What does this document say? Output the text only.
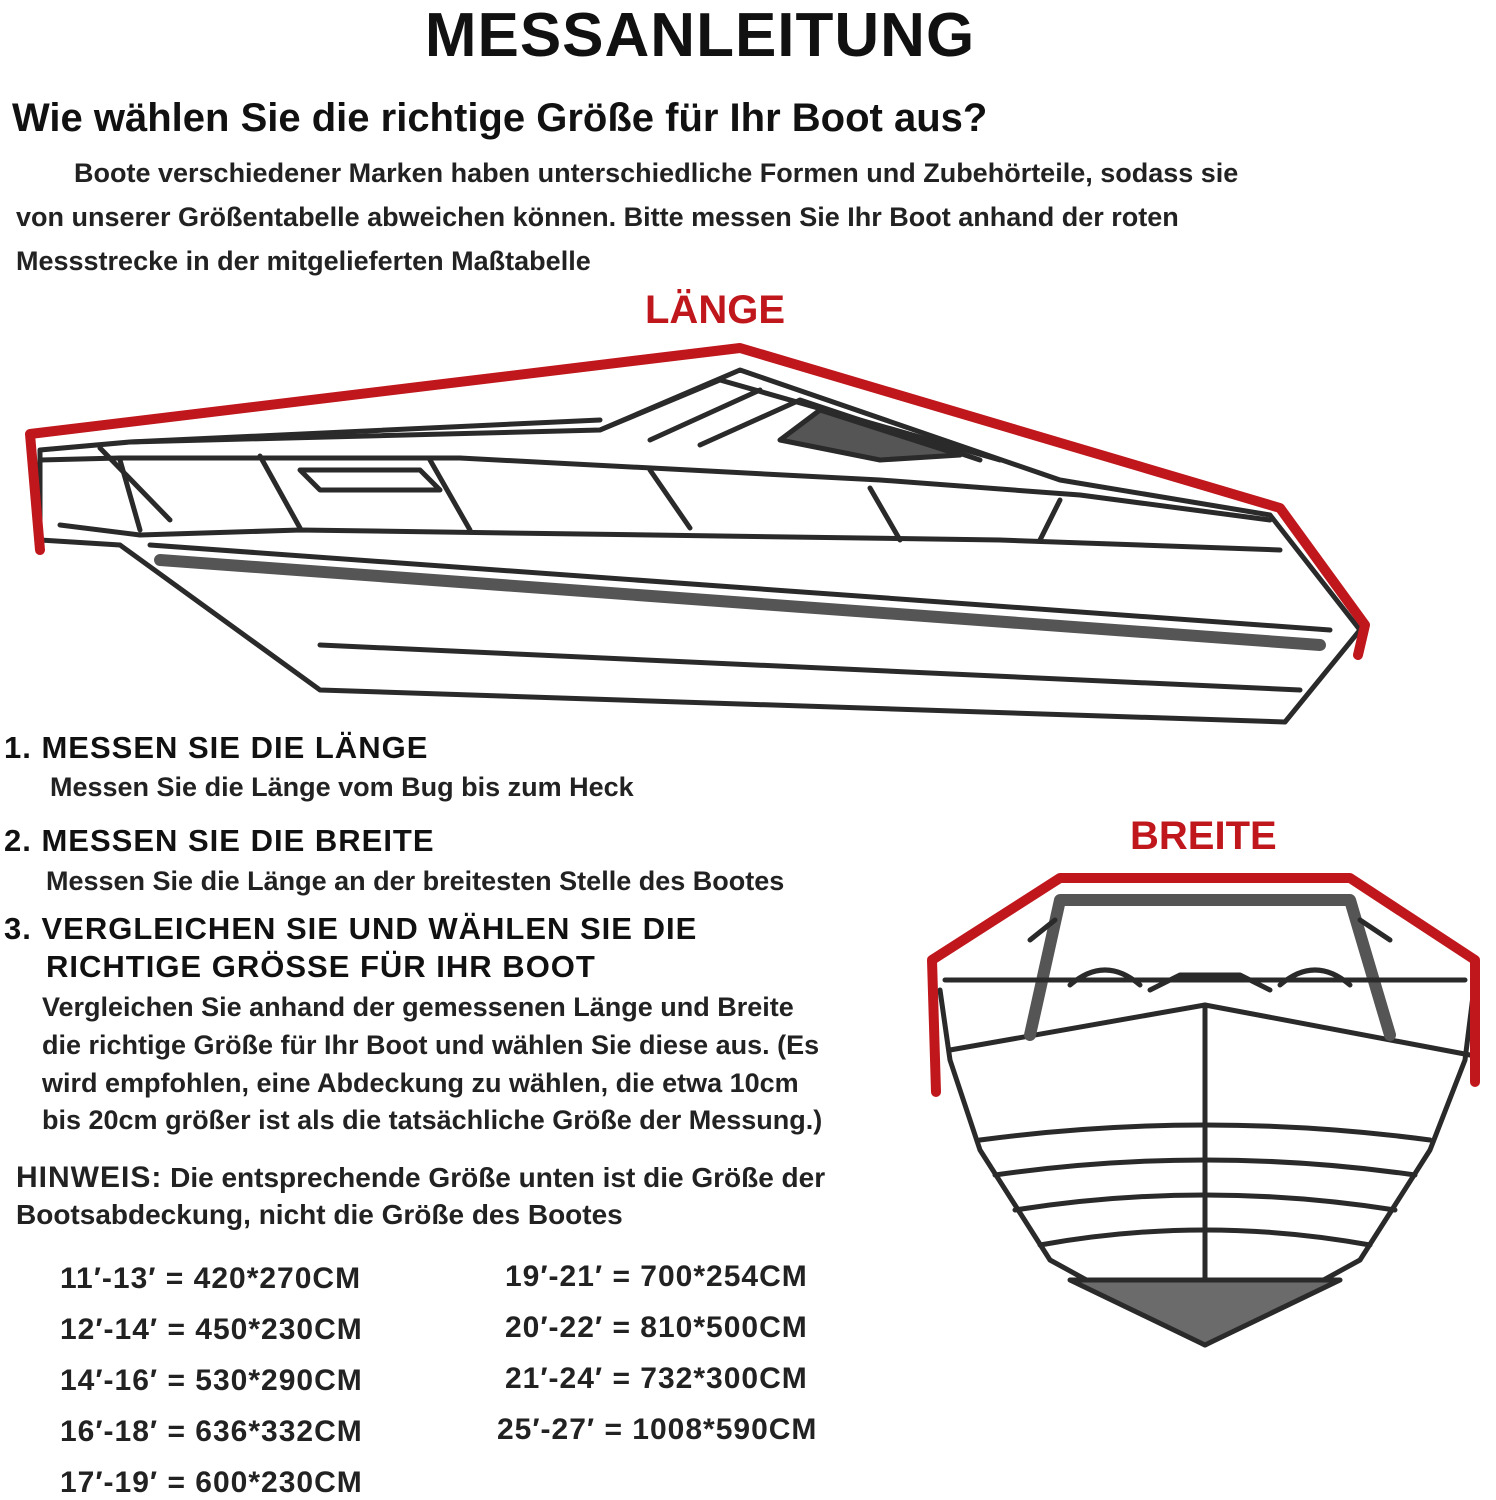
MESSANLEITUNG
Wie wählen Sie die richtige Größe für Ihr Boot aus?
Boote verschiedener Marken haben unterschiedliche Formen und Zubehörteile, sodass sie
von unserer Größentabelle abweichen können. Bitte messen Sie Ihr Boot anhand der roten
Messstrecke in der mitgelieferten Maßtabelle
LÄNGE
1. MESSEN SIE DIE LÄNGE
Messen Sie die Länge vom Bug bis zum Heck
2. MESSEN SIE DIE BREITE
Messen Sie die Länge an der breitesten Stelle des Bootes
3. VERGLEICHEN SIE UND WÄHLEN SIE DIE
RICHTIGE GRÖSSE FÜR IHR BOOT
Vergleichen Sie anhand der gemessenen Länge und Breite
die richtige Größe für Ihr Boot und wählen Sie diese aus. (Es
wird empfohlen, eine Abdeckung zu wählen, die etwa 10cm
bis 20cm größer ist als die tatsächliche Größe der Messung.)
HINWEIS: Die entsprechende Größe unten ist die Größe der
Bootsabdeckung, nicht die Größe des Bootes
BREITE
11′-13′ = 420*270CM
12′-14′ = 450*230CM
14′-16′ = 530*290CM
16′-18′ = 636*332CM
17′-19′ = 600*230CM
19′-21′ = 700*254CM
20′-22′ = 810*500CM
21′-24′ = 732*300CM
25′-27′ = 1008*590CM
